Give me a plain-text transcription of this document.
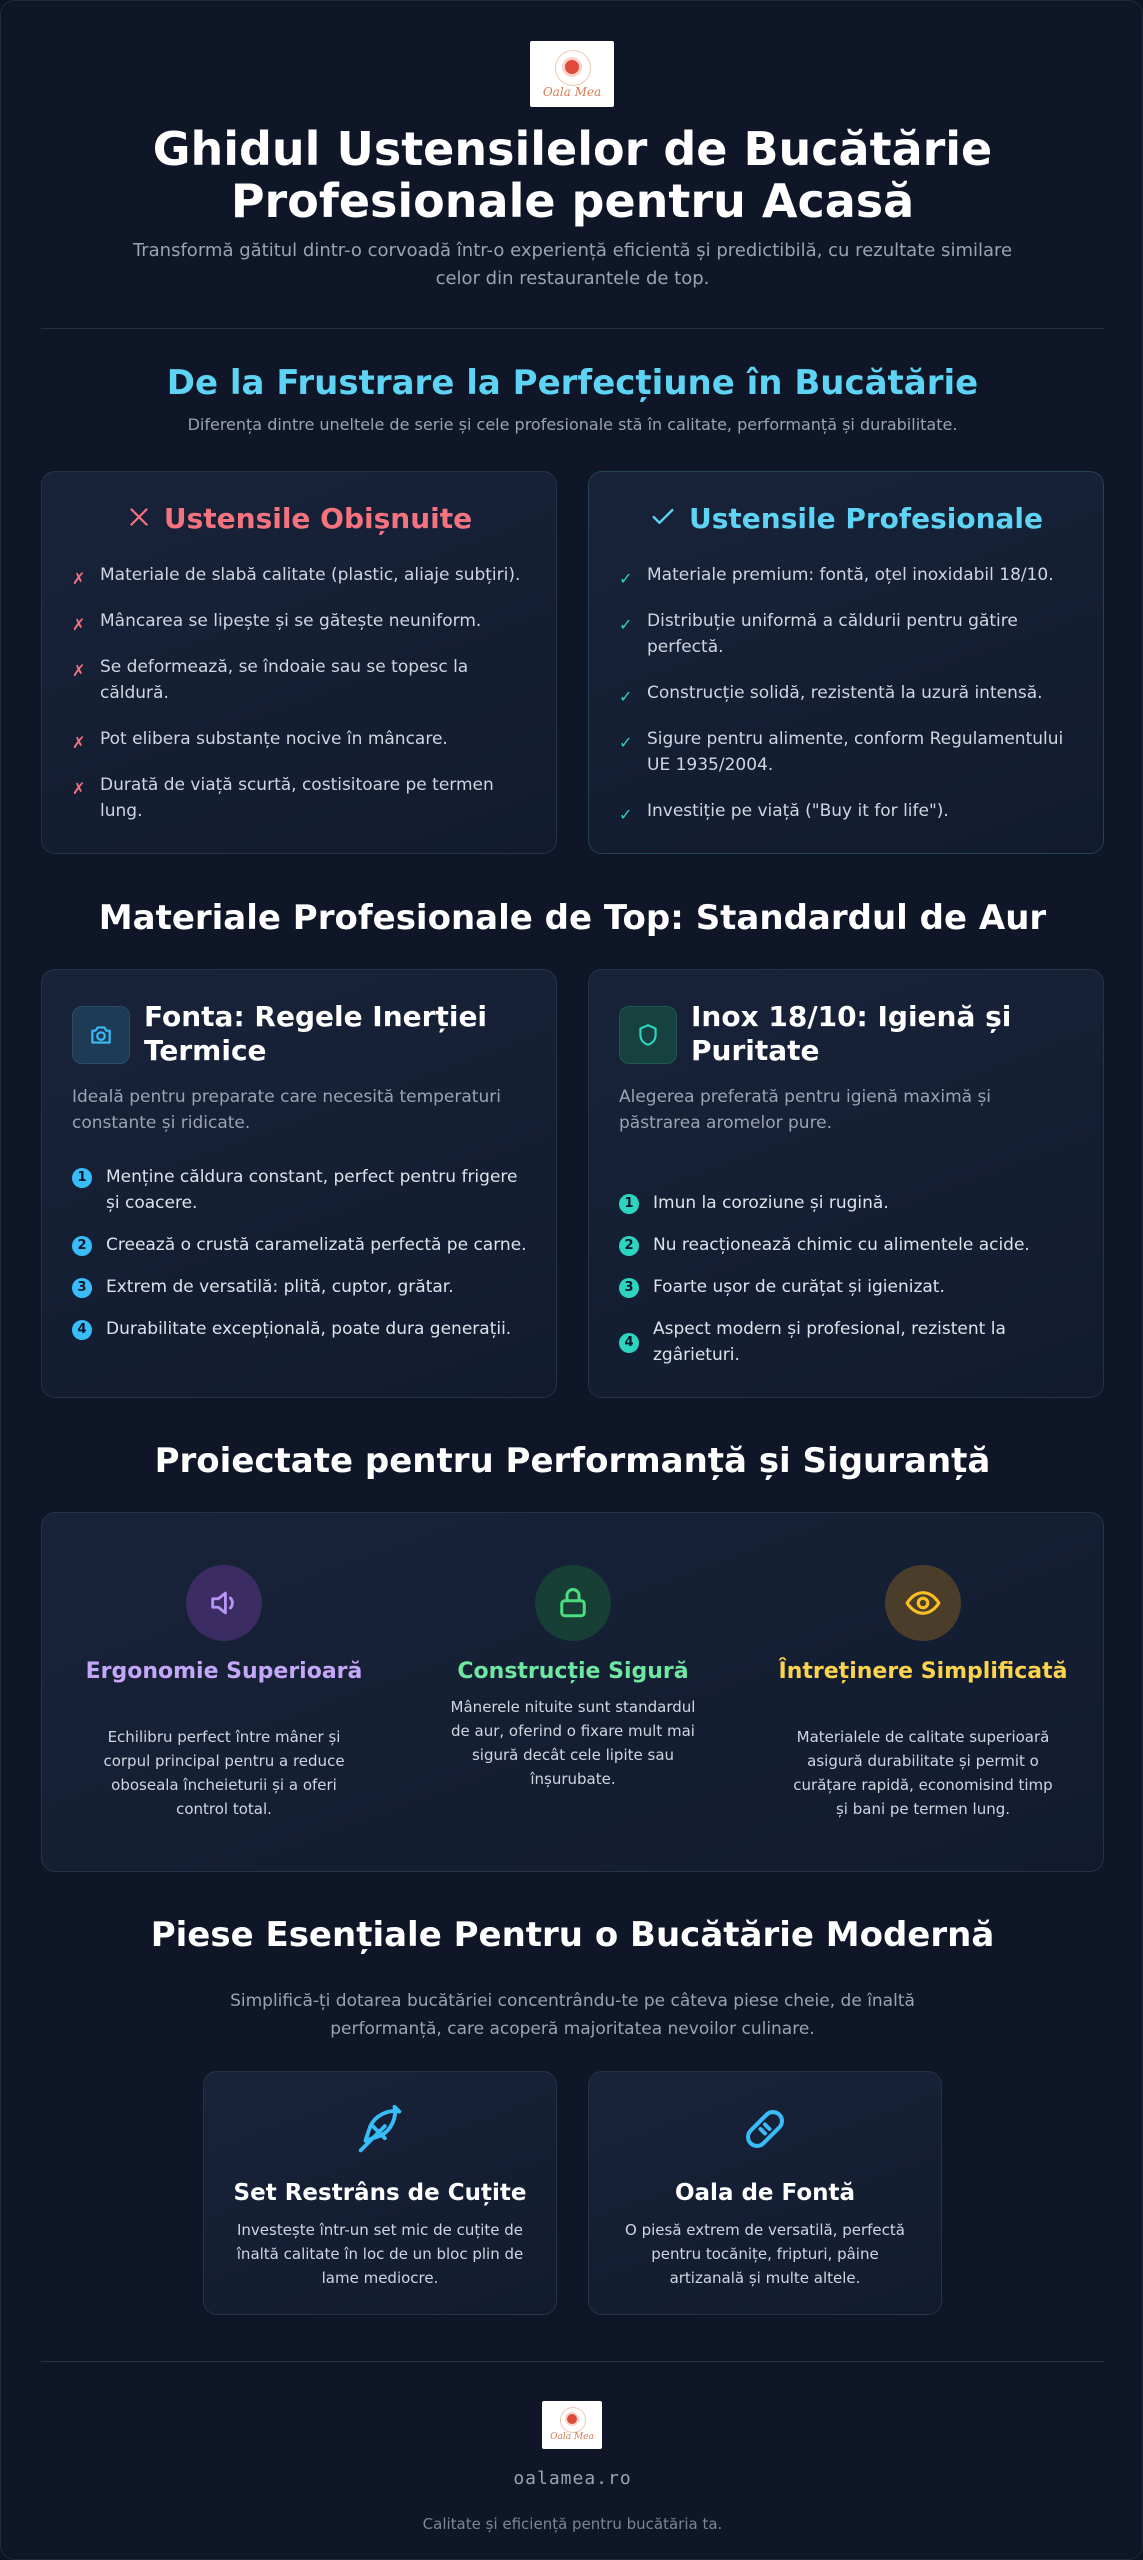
Oala Mea
Ghidul Ustensilelor de Bucătărie Profesionale pentru Acasă
Transformă gătitul dintr-o corvoadă într-o experiență eficientă și predictibilă, cu rezultate similare celor din restaurantele de top.
De la Frustrare la Perfecțiune în Bucătărie
Diferența dintre uneltele de serie și cele profesionale stă în calitate, performanță și durabilitate.
Ustensile Obișnuite
✗ Materiale de slabă calitate (plastic, aliaje subțiri).
✗ Mâncarea se lipește și se gătește neuniform.
✗ Se deformează, se îndoaie sau se topesc la căldură.
✗ Pot elibera substanțe nocive în mâncare.
✗ Durată de viață scurtă, costisitoare pe termen lung.
Ustensile Profesionale
✓ Materiale premium: fontă, oțel inoxidabil 18/10.
✓ Distribuție uniformă a căldurii pentru gătire perfectă.
✓ Construcție solidă, rezistentă la uzură intensă.
✓ Sigure pentru alimente, conform Regulamentului UE 1935/2004.
✓ Investiție pe viață ("Buy it for life").
Materiale Profesionale de Top: Standardul de Aur
Fonta: Regele Inerției Termice
Ideală pentru preparate care necesită temperaturi constante și ridicate.
1	Menține căldura constant, perfect pentru frigere și coacere.
2	Creează o crustă caramelizată perfectă pe carne.
3	Extrem de versatilă: plită, cuptor, grătar.
4	Durabilitate excepțională, poate dura generații.
Inox 18/10: Igienă și Puritate
Alegerea preferată pentru igienă maximă și păstrarea aromelor pure.
1	Imun la coroziune și rugină.
2	Nu reacționează chimic cu alimentele acide.
3	Foarte ușor de curățat și igienizat.
4
Aspect modern și profesional, rezistent la zgârieturi.
Proiectate pentru Performanță și Siguranță
Ergonomie Superioară
Echilibru perfect între mâner și corpul principal pentru a reduce oboseala încheieturii și a oferi control total.
Construcție Sigură
Mânerele nituite sunt standardul de aur, oferind o fixare mult mai sigură decât cele lipite sau înșurubate.
Întreținere Simplificată
Materialele de calitate superioară asigură durabilitate și permit o curățare rapidă, economisind timp și bani pe termen lung.
Piese Esențiale Pentru o Bucătărie Modernă
Simplifică-ți dotarea bucătăriei concentrându-te pe câteva piese cheie, de înaltă performanță, care acoperă majoritatea nevoilor culinare.
Set Restrâns de Cuțite
Investește într-un set mic de cuțite de înaltă calitate în loc de un bloc plin de lame mediocre.
Oala de Fontă
O piesă extrem de versatilă, perfectă pentru tocănițe, fripturi, pâine artizanală și multe altele.
Oala Mea
oalamea.ro
Calitate și eficiență pentru bucătăria ta.
